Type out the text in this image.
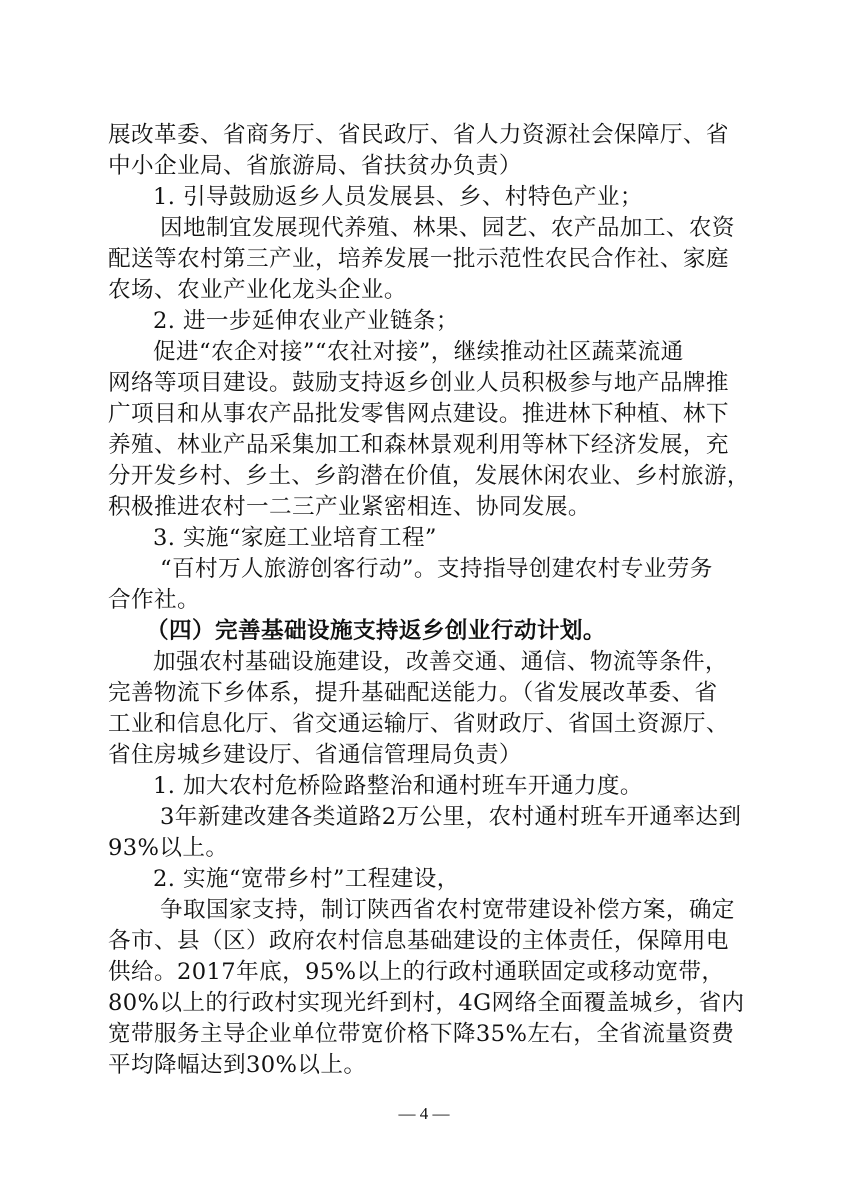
展改革委、省商务厅、省民政厅、省人力资源社会保障厅、省
中小企业局、省旅游局、省扶贫办负责）
1. 引导鼓励返乡人员发展县、乡、村特色产业；
因地制宜发展现代养殖、林果、园艺、农产品加工、农资
配送等农村第三产业，培养发展一批示范性农民合作社、家庭
农场、农业产业化龙头企业。
2. 进一步延伸农业产业链条；
促进“农企对接”“农社对接”，继续推动社区蔬菜流通
网络等项目建设。鼓励支持返乡创业人员积极参与地产品牌推
广项目和从事农产品批发零售网点建设。推进林下种植、林下
养殖、林业产品采集加工和森林景观利用等林下经济发展，充
分开发乡村、乡土、乡韵潜在价值，发展休闲农业、乡村旅游，
积极推进农村一二三产业紧密相连、协同发展。
3. 实施“家庭工业培育工程”
“百村万人旅游创客行动”。支持指导创建农村专业劳务
合作社。
（四）完善基础设施支持返乡创业行动计划。
加强农村基础设施建设，改善交通、通信、物流等条件，
完善物流下乡体系，提升基础配送能力。（省发展改革委、省
工业和信息化厅、省交通运输厅、省财政厅、省国土资源厅、
省住房城乡建设厅、省通信管理局负责）
1. 加大农村危桥险路整治和通村班车开通力度。
3年新建改建各类道路2万公里，农村通村班车开通率达到
93%以上。
2. 实施“宽带乡村”工程建设，
争取国家支持，制订陕西省农村宽带建设补偿方案，确定
各市、县（区）政府农村信息基础建设的主体责任，保障用电
供给。2017年底，95%以上的行政村通联固定或移动宽带，
80%以上的行政村实现光纤到村，4G网络全面覆盖城乡，省内
宽带服务主导企业单位带宽价格下降35%左右，全省流量资费
平均降幅达到30%以上。
— 4 —
